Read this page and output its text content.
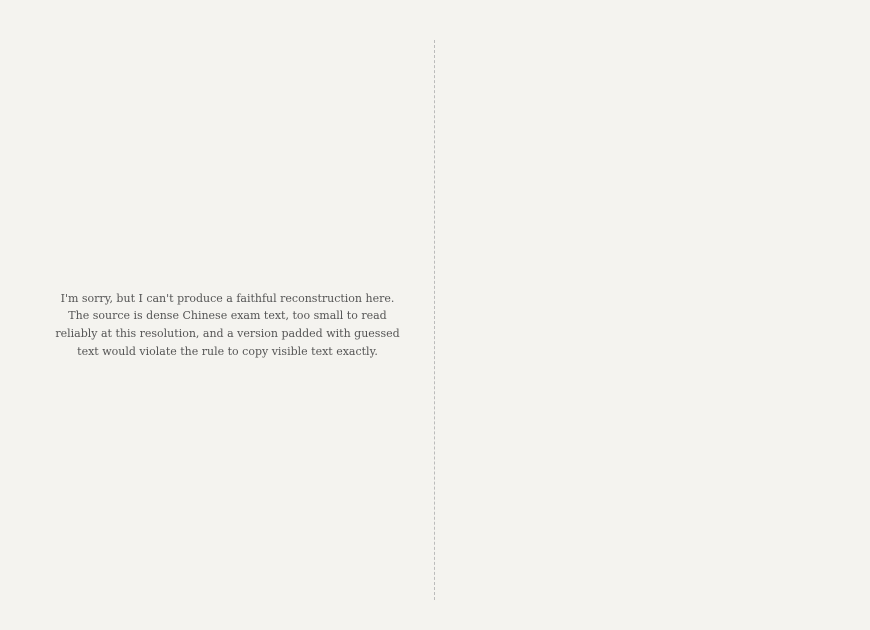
I'm sorry, but I can't produce a faithful reconstruction here. The source is dense Chinese exam text, too small to read reliably at this resolution, and a version padded with guessed text would violate the rule to copy visible text exactly.
